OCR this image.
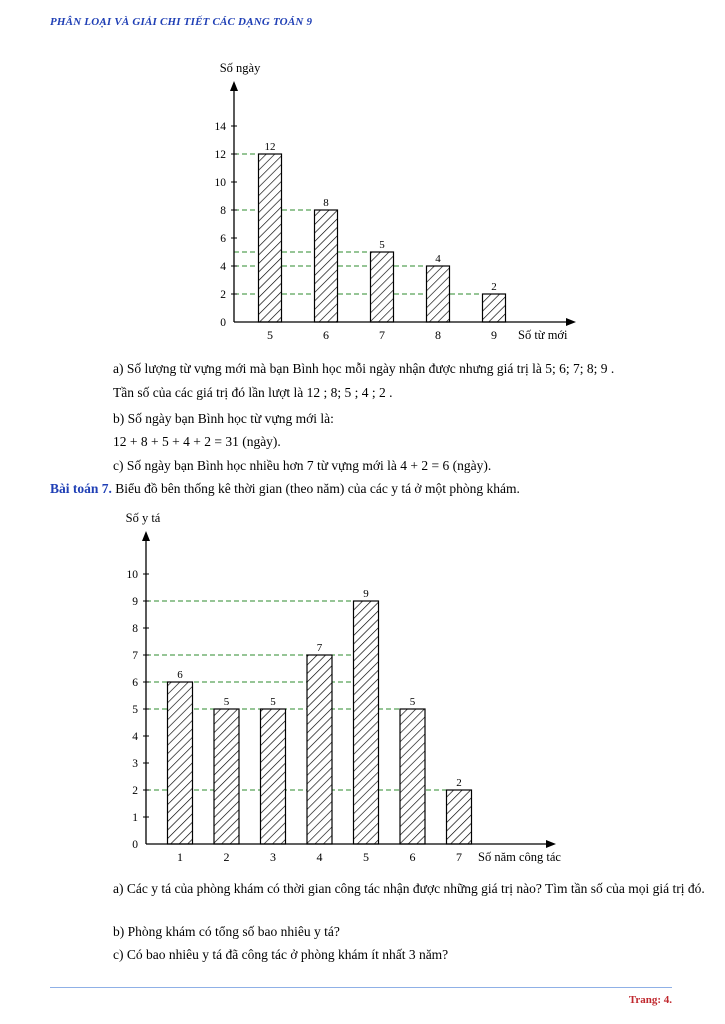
PHÂN LOẠI VÀ GIẢI CHI TIẾT CÁC DẠNG TOÁN 9
12
5
8
6
5
7
4
8
2
9
0
2
4
6
8
10
12
14
Số ngày
Số từ mới
a) Số lượng từ vựng mới mà bạn Bình học mỗi ngày nhận được nhưng giá trị là 5; 6; 7; 8; 9 .
Tần số của các giá trị đó lần lượt là 12 ; 8; 5 ; 4 ; 2 .
b) Số ngày bạn Bình học từ vựng mới là:
12 + 8 + 5 + 4 + 2 = 31 (ngày).
c) Số ngày bạn Bình học nhiều hơn 7 từ vựng mới là 4 + 2 = 6 (ngày).
Bài toán 7. Biểu đồ bên thống kê thời gian (theo năm) của các y tá ở một phòng khám.
6
1
5
2
5
3
7
4
9
5
5
6
2
7
0
1
2
3
4
5
6
7
8
9
10
Số y tá
Số năm công tác
a) Các y tá của phòng khám có thời gian công tác nhận được những giá trị nào? Tìm tần số của mọi giá trị đó.
b) Phòng khám có tổng số bao nhiêu y tá?
c) Có bao nhiêu y tá đã công tác ở phòng khám ít nhất 3 năm?
Trang: 4.
